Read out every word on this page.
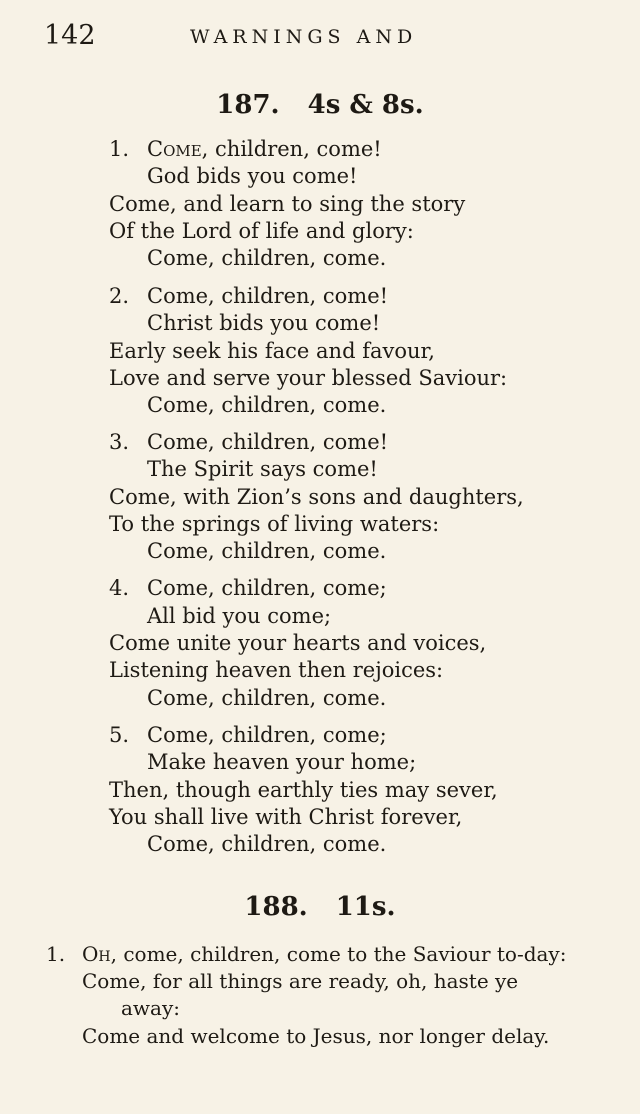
142	WARNINGS AND
187. 4s & 8s.
1. Come, children, come!
God bids you come!
Come, and learn to sing the story
Of the Lord of life and glory:
Come, children, come.
2. Come, children, come!
Christ bids you come!
Early seek his face and favour,
Love and serve your blessed Saviour:
Come, children, come.
3. Come, children, come!
The Spirit says come!
Come, with Zion’s sons and daughters,
To the springs of living waters:
Come, children, come.
4. Come, children, come;
All bid you come;
Come unite your hearts and voices,
Listening heaven then rejoices:
Come, children, come.
5. Come, children, come;
Make heaven your home;
Then, though earthly ties may sever,
You shall live with Christ forever,
Come, children, come.
188. 11s.
1. Oh, come, children, come to the Saviour to-day:
Come, for all things are ready, oh, haste ye
away:
Come and welcome to Jesus, nor longer delay.
